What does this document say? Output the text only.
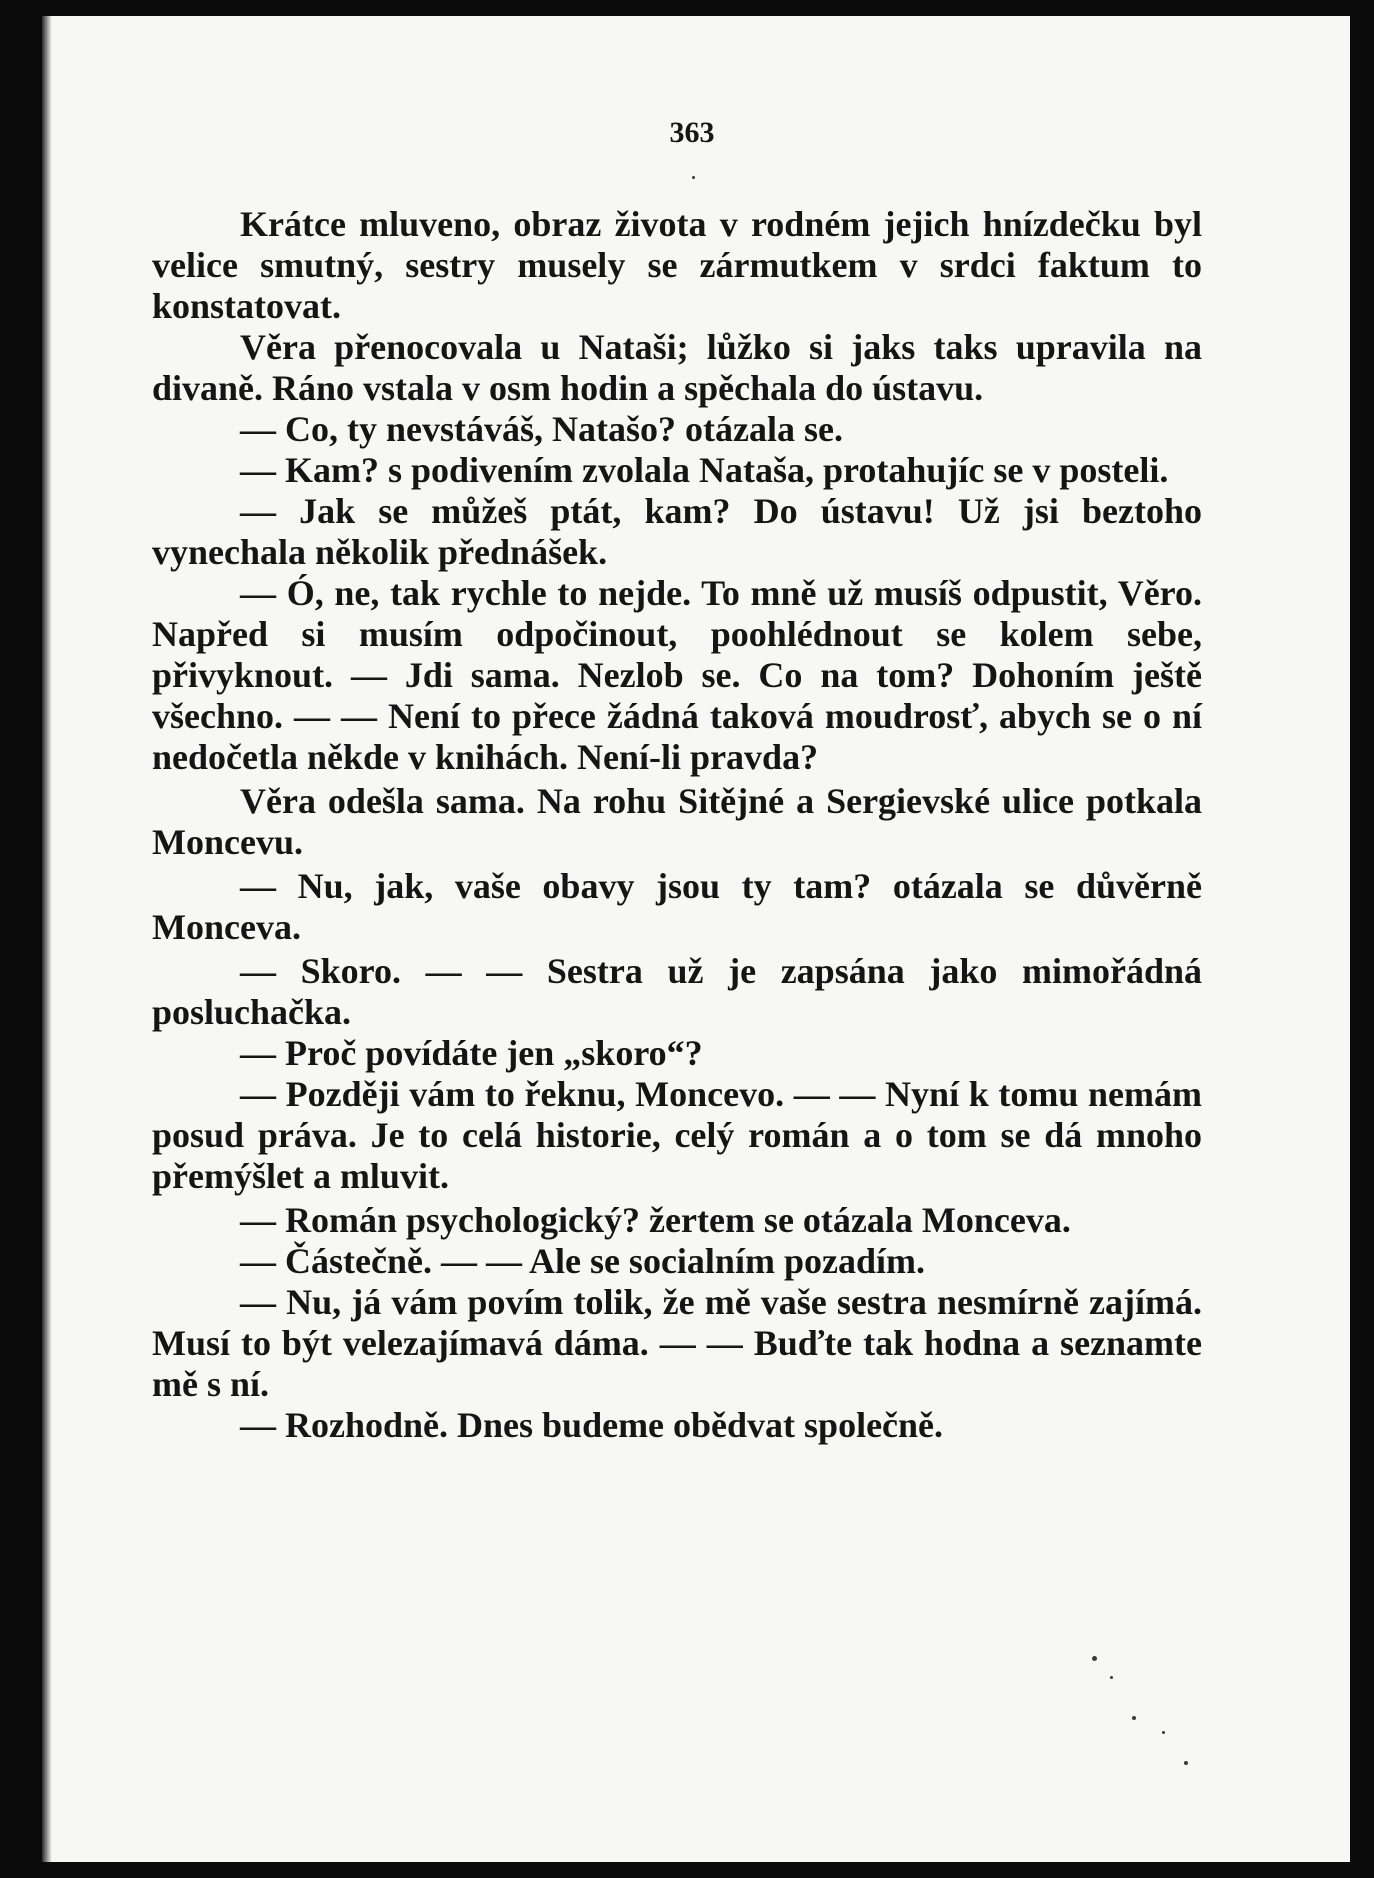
363

Krátce mluveno, obraz života v rodném jejich hnízdečku byl velice smutný, sestry musely se zármutkem v srdci faktum to konstatovat.

Věra přenocovala u Nataši; lůžko si jaks taks upravila na divaně. Ráno vstala v osm hodin a spěchala do ústavu.

— Co, ty nevstáváš, Natašo? otázala se.

— Kam? s podivením zvolala Nataša, protahujíc se v posteli.

— Jak se můžeš ptát, kam? Do ústavu! Už jsi beztoho vynechala několik přednášek.

— Ó, ne, tak rychle to nejde. To mně už musíš odpustit, Věro. Napřed si musím odpočinout, poohlédnout se kolem sebe, přivyknout. — Jdi sama. Nezlob se. Co na tom? Dohoním ještě všechno. — — Není to přece žádná taková moudrosť, abych se o ní nedočetla někde v knihách. Není-li pravda?

Věra odešla sama. Na rohu Sitějné a Sergievské ulice potkala Moncevu.

— Nu, jak, vaše obavy jsou ty tam? otázala se důvěrně Monceva.

— Skoro. — — Sestra už je zapsána jako mimořádná posluchačka.

— Proč povídáte jen „skoro“?

— Později vám to řeknu, Moncevo. — — Nyní k tomu nemám posud práva. Je to celá historie, celý román a o tom se dá mnoho přemýšlet a mluvit.

— Román psychologický? žertem se otázala Monceva.

— Částečně. — — Ale se socialním pozadím.

— Nu, já vám povím tolik, že mě vaše sestra nesmírně zajímá. Musí to být velezajímavá dáma. — — Buďte tak hodna a seznamte mě s ní.

— Rozhodně. Dnes budeme obědvat společně.
